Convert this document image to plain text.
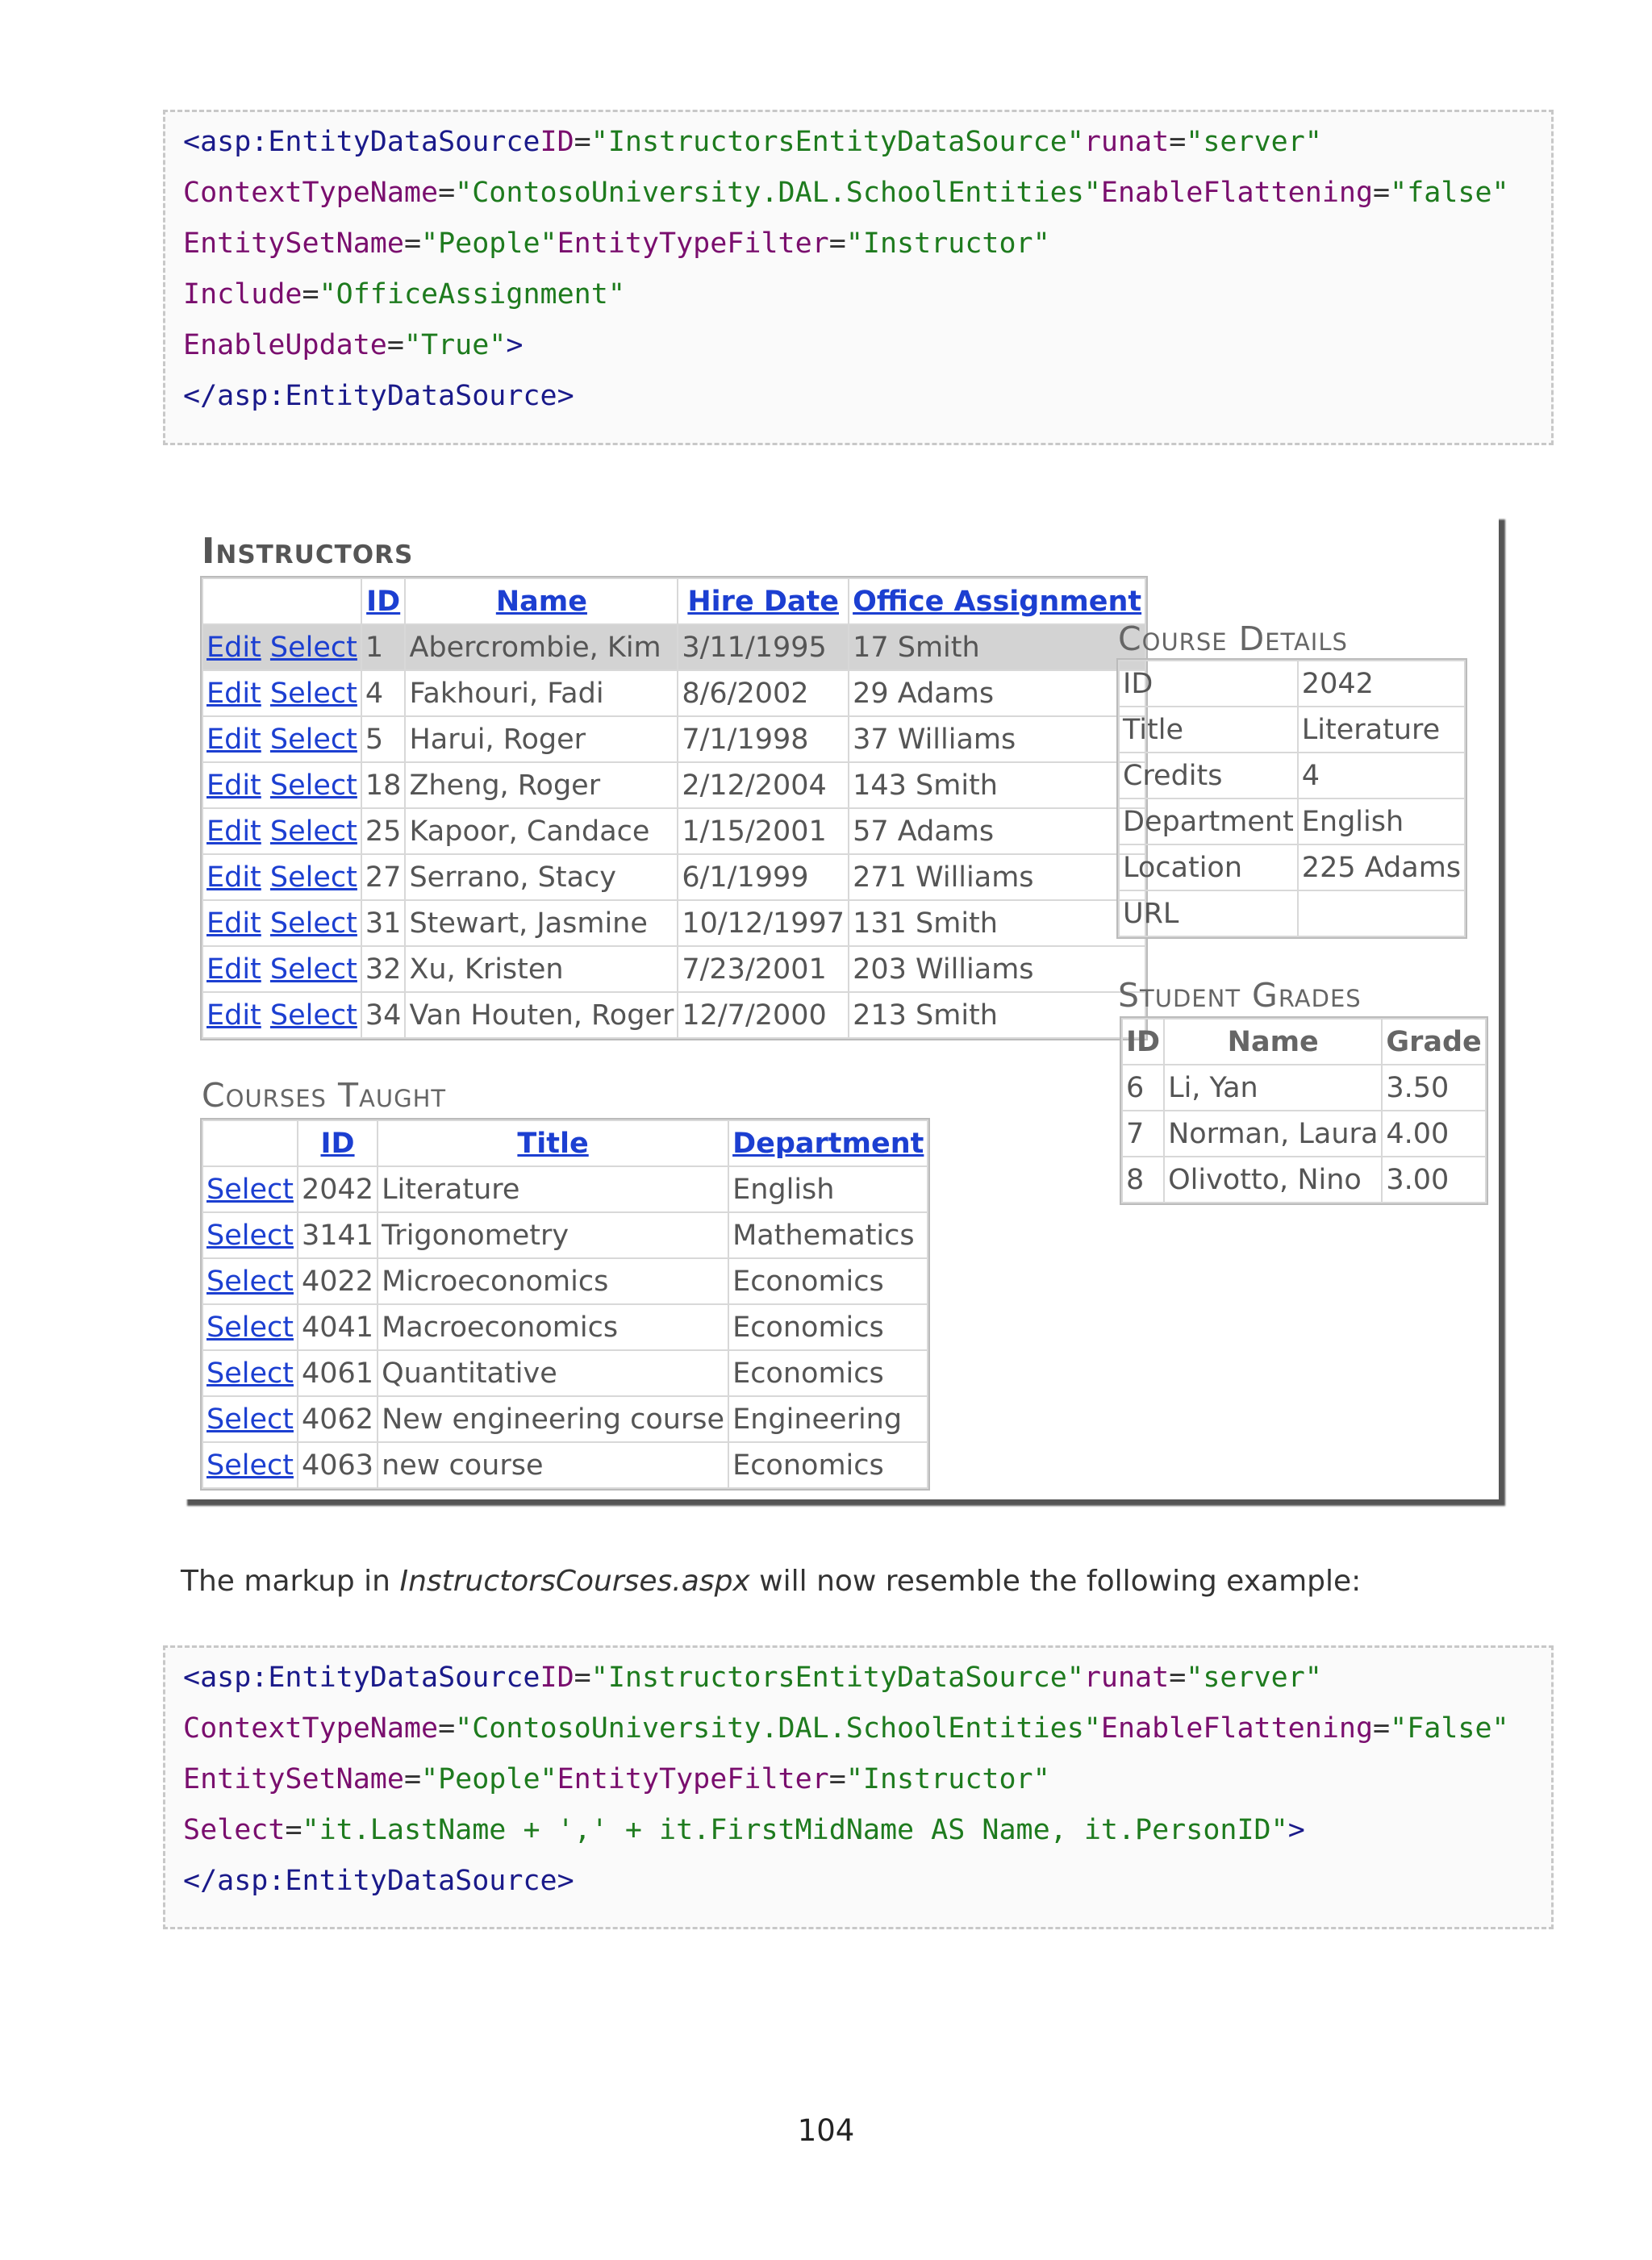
<asp:EntityDataSourceID="InstructorsEntityDataSource"runat="server"
ContextTypeName="ContosoUniversity.DAL.SchoolEntities"EnableFlattening="false"
EntitySetName="People"EntityTypeFilter="Instructor"
Include="OfficeAssignment"
EnableUpdate="True">
</asp:EntityDataSource>
Instructors
	ID	Name	Hire Date	Office Assignment
Edit Select	1	Abercrombie, Kim	3/11/1995	17 Smith
Edit Select	4	Fakhouri, Fadi	8/6/2002	29 Adams
Edit Select	5	Harui, Roger	7/1/1998	37 Williams
Edit Select	18	Zheng, Roger	2/12/2004	143 Smith
Edit Select	25	Kapoor, Candace	1/15/2001	57 Adams
Edit Select	27	Serrano, Stacy	6/1/1999	271 Williams
Edit Select	31	Stewart, Jasmine	10/12/1997	131 Smith
Edit Select	32	Xu, Kristen	7/23/2001	203 Williams
Edit Select	34	Van Houten, Roger	12/7/2000	213 Smith
Course Details
ID	2042
Title	Literature
Credits	4
Department	English
Location	225 Adams
URL	
Student Grades
ID	Name	Grade
6	Li, Yan	3.50
7	Norman, Laura	4.00
8	Olivotto, Nino	3.00
Courses Taught
	ID	Title	Department
Select	2042	Literature	English
Select	3141	Trigonometry	Mathematics
Select	4022	Microeconomics	Economics
Select	4041	Macroeconomics	Economics
Select	4061	Quantitative	Economics
Select	4062	New engineering course	Engineering
Select	4063	new course	Economics
The markup in InstructorsCourses.aspx will now resemble the following example:
<asp:EntityDataSourceID="InstructorsEntityDataSource"runat="server"
ContextTypeName="ContosoUniversity.DAL.SchoolEntities"EnableFlattening="False"
EntitySetName="People"EntityTypeFilter="Instructor"
Select="it.LastName + ',' + it.FirstMidName AS Name, it.PersonID">
</asp:EntityDataSource>
104
